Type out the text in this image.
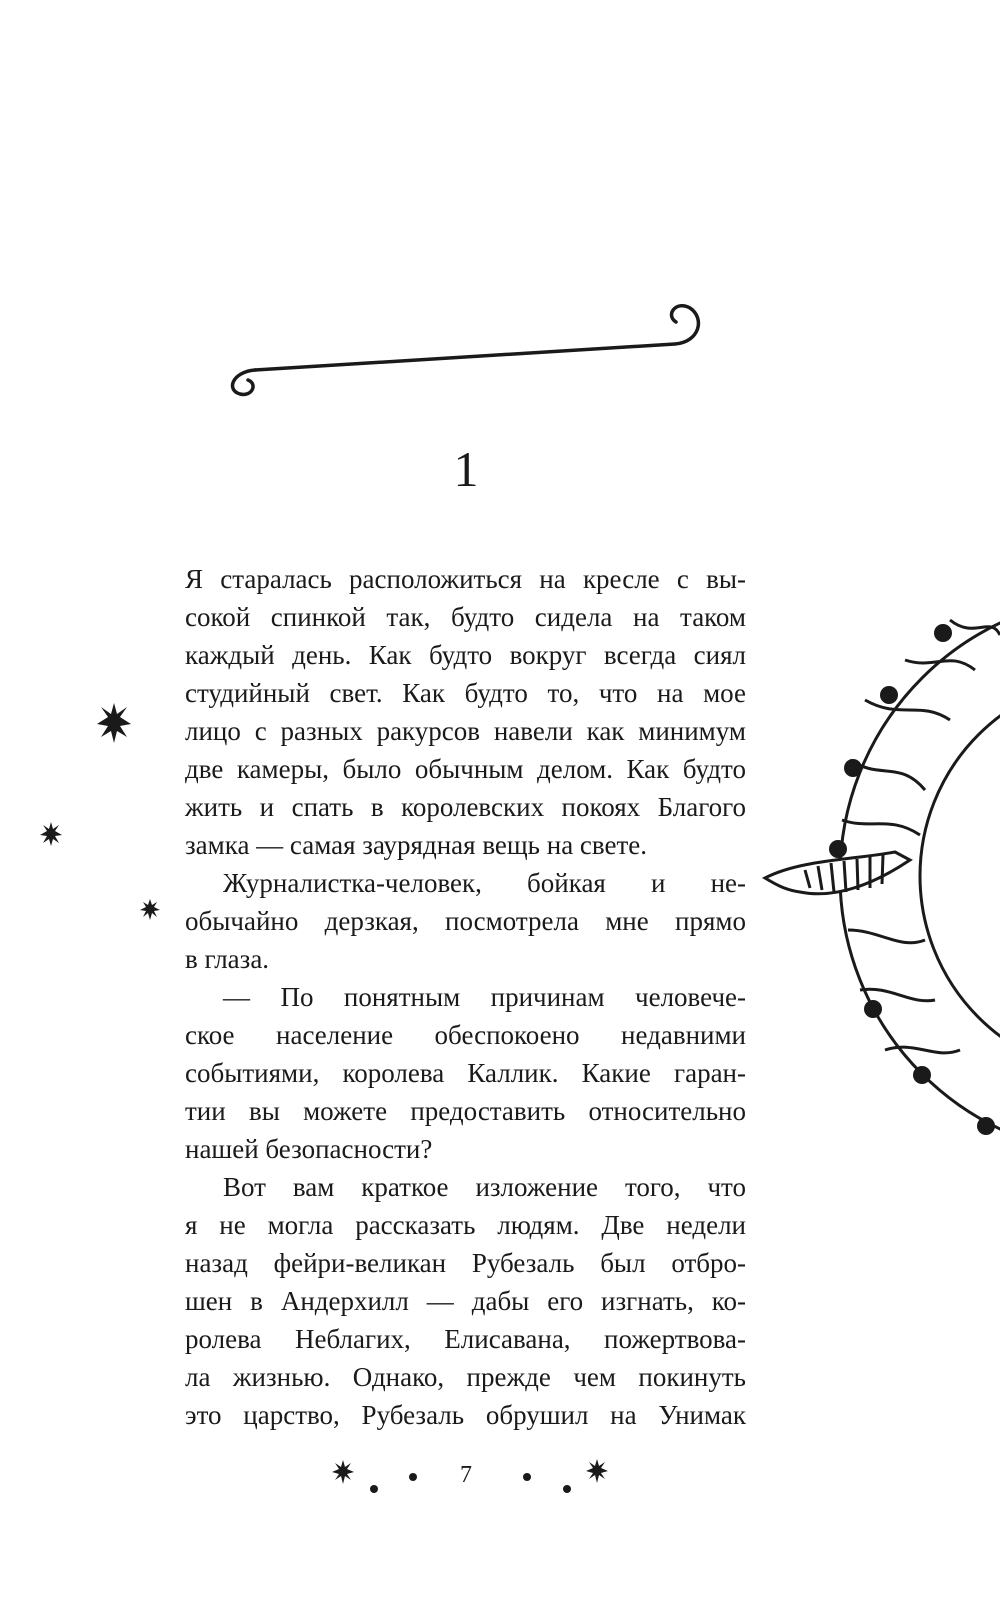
1
Я старалась расположиться на кресле с вы-
сокой спинкой так, будто сидела на таком
каждый день. Как будто вокруг всегда сиял
студийный свет. Как будто то, что на мое
лицо с разных ракурсов навели как минимум
две камеры, было обычным делом. Как будто
жить и спать в королевских покоях Благого
замка — самая заурядная вещь на свете.
Журналистка-человек, бойкая и не-
обычайно дерзкая, посмотрела мне прямо
в глаза.
— По понятным причинам человече-
ское население обеспокоено недавними
событиями, королева Каллик. Какие гаран-
тии вы можете предоставить относительно
нашей безопасности?
Вот вам краткое изложение того, что
я не могла рассказать людям. Две недели
назад фейри-великан Рубезаль был отбро-
шен в Андерхилл — дабы его изгнать, ко-
ролева Неблагих, Елисавана, пожертвова-
ла жизнью. Однако, прежде чем покинуть
это царство, Рубезаль обрушил на Унимак
7
